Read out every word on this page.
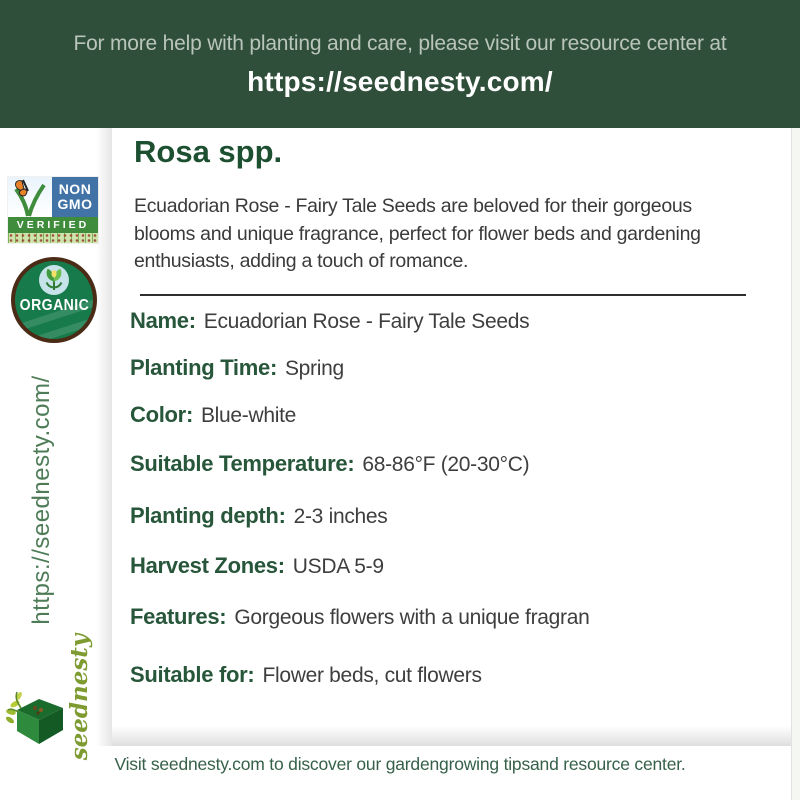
For more help with planting and care, please visit our resource center at
https://seednesty.com/
NON
GMO
VERIFIED
ORGANIC
https://seednesty.com/
seednesty
Rosa spp.
Ecuadorian Rose - Fairy Tale Seeds are beloved for their gorgeous
blooms and unique fragrance, perfect for flower beds and gardening
enthusiasts, adding a touch of romance.
Name: Ecuadorian Rose - Fairy Tale Seeds
Planting Time: Spring
Color: Blue-white
Suitable Temperature: 68-86°F (20-30°C)
Planting depth: 2-3 inches
Harvest Zones: USDA 5-9
Features: Gorgeous flowers with a unique fragran
Suitable for: Flower beds, cut flowers
Visit seednesty.com to discover our gardengrowing tipsand resource center.
